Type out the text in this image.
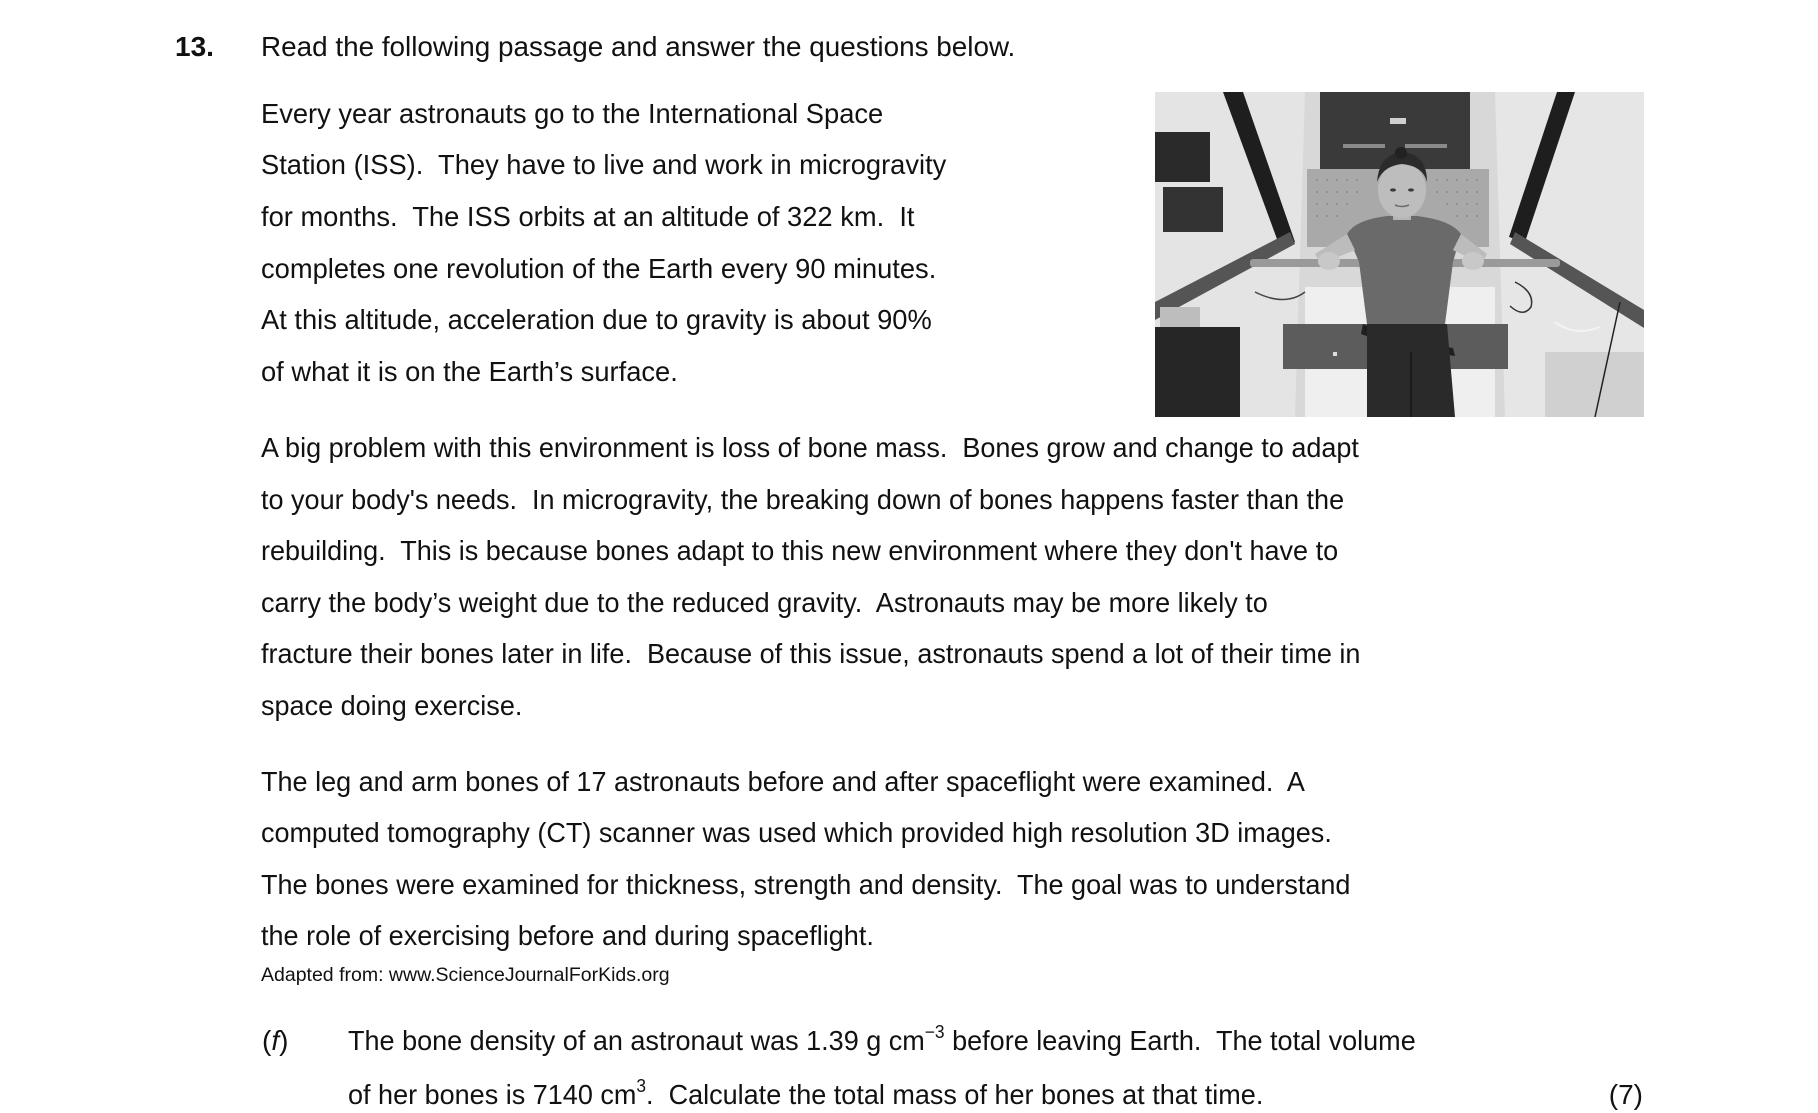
13. Read the following passage and answer the questions below.
Every year astronauts go to the International Space
Station (ISS).  They have to live and work in microgravity
for months.  The ISS orbits at an altitude of 322 km.  It
completes one revolution of the Earth every 90 minutes.
At this altitude, acceleration due to gravity is about 90%
of what it is on the Earth’s surface.
A big problem with this environment is loss of bone mass.  Bones grow and change to adapt
to your body's needs.  In microgravity, the breaking down of bones happens faster than the
rebuilding.  This is because bones adapt to this new environment where they don't have to
carry the body’s weight due to the reduced gravity.  Astronauts may be more likely to
fracture their bones later in life.  Because of this issue, astronauts spend a lot of their time in
space doing exercise.
The leg and arm bones of 17 astronauts before and after spaceflight were examined.  A
computed tomography (CT) scanner was used which provided high resolution 3D images.
The bones were examined for thickness, strength and density.  The goal was to understand
the role of exercising before and during spaceflight.
Adapted from: www.ScienceJournalForKids.org
(f) The bone density of an astronaut was 1.39 g $cm^{-3}$ before leaving Earth.  The total volume
of her bones is 7140 $cm^3$.  Calculate the total mass of her bones at that time.	(7)
